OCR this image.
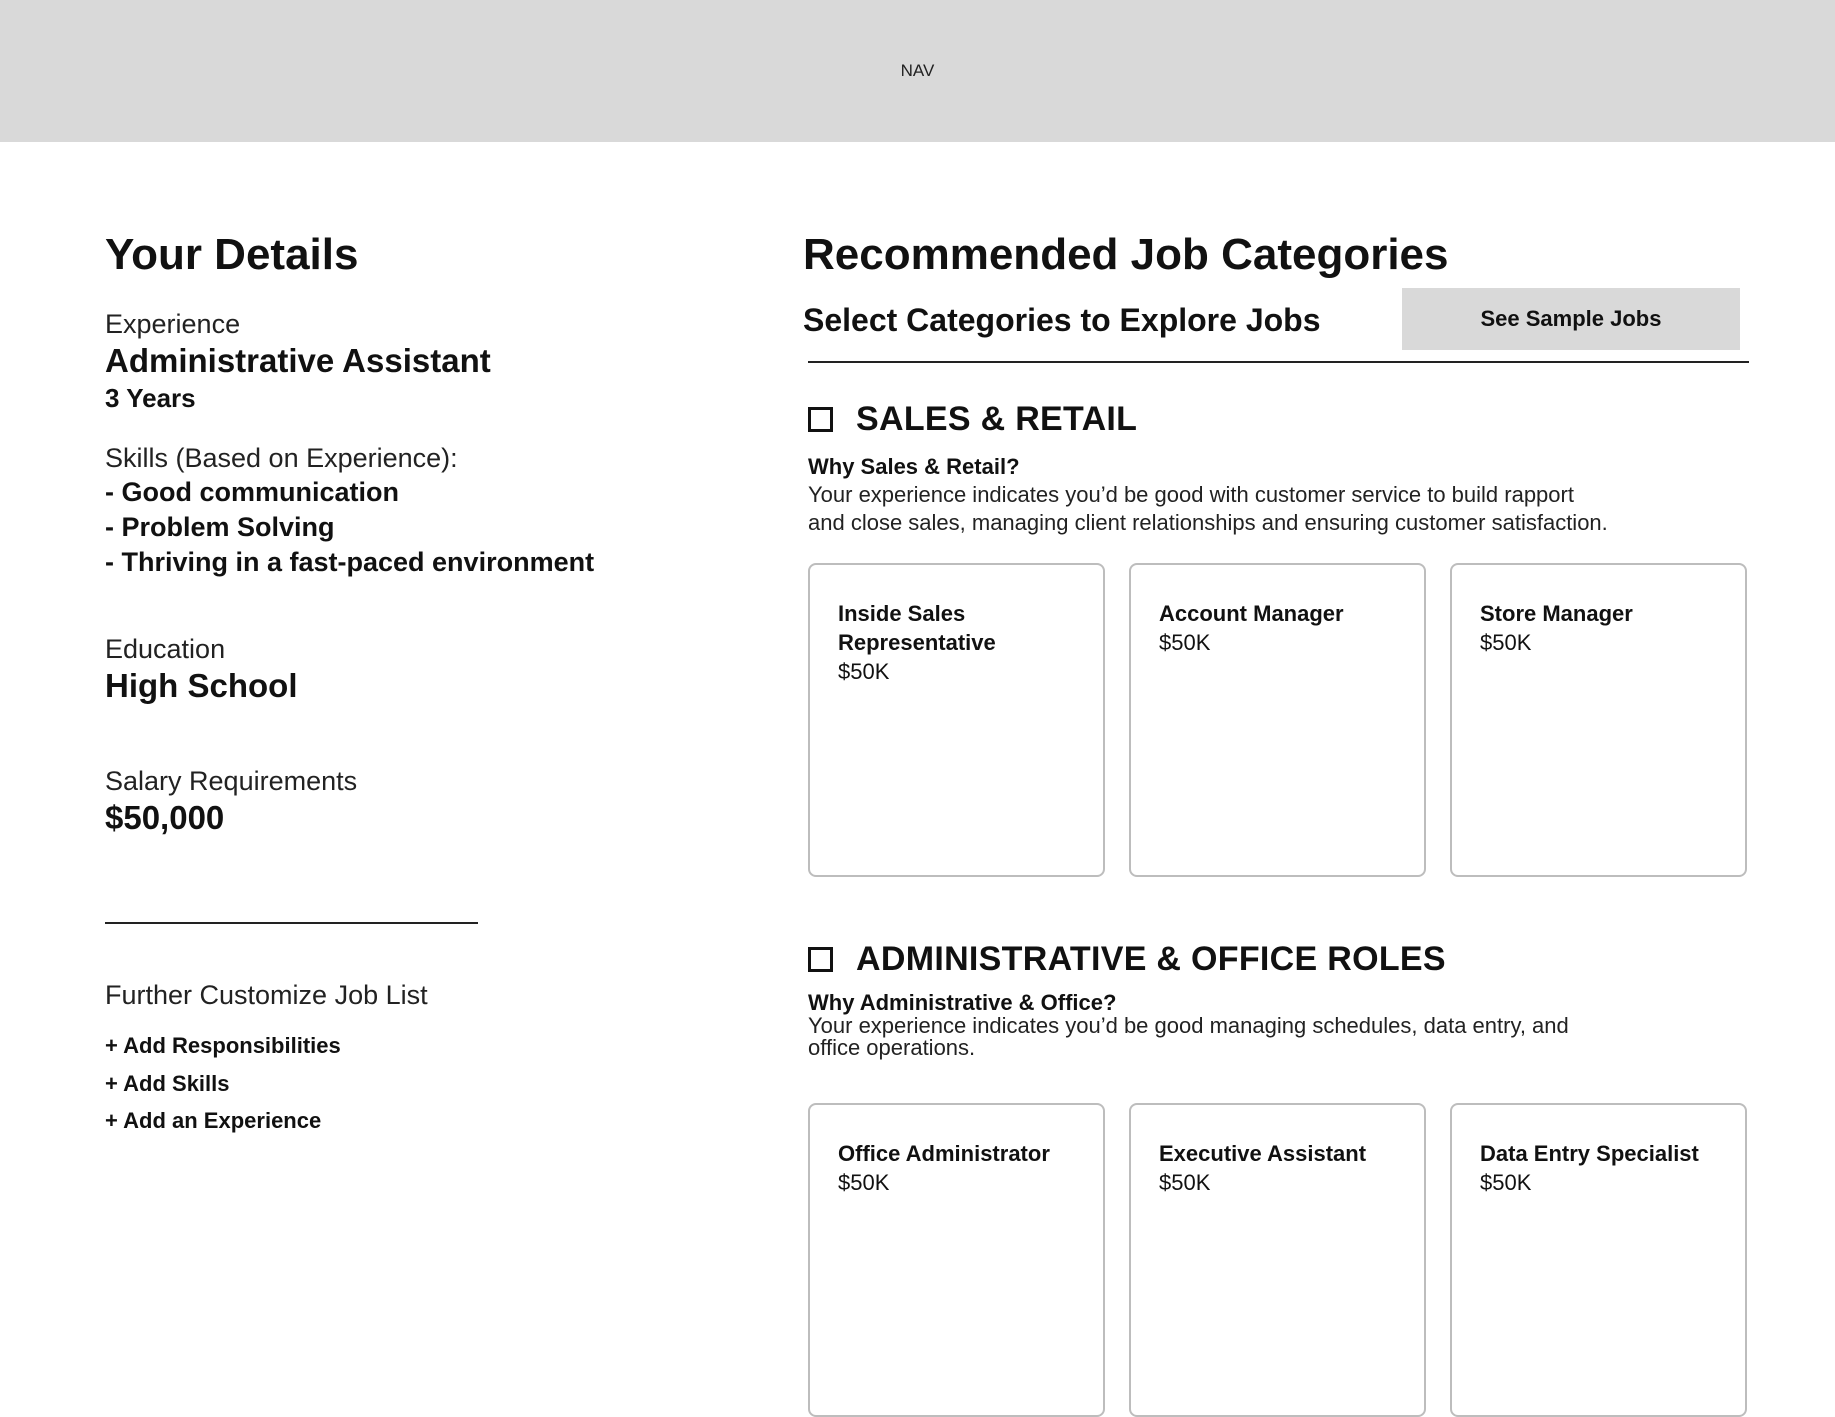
NAV
Your Details
Experience
Administrative Assistant
3 Years
Skills (Based on Experience):
- Good communication
- Problem Solving
- Thriving in a fast-paced environment
Education
High School
Salary Requirements
$50,000
Further Customize Job List
+ Add Responsibilities
+ Add Skills
+ Add an Experience
Recommended Job Categories
Select Categories to Explore Jobs	See Sample Jobs
SALES & RETAIL
Why Sales & Retail?
Your experience indicates you’d be good with customer service to build rapport
and close sales, managing client relationships and ensuring customer satisfaction.
Inside Sales
Representative
$50K
Account Manager
$50K
Store Manager
$50K
ADMINISTRATIVE & OFFICE ROLES
Why Administrative & Office?
Your experience indicates you’d be good managing schedules, data entry, and
office operations.
Office Administrator
$50K
Executive Assistant
$50K
Data Entry Specialist
$50K
